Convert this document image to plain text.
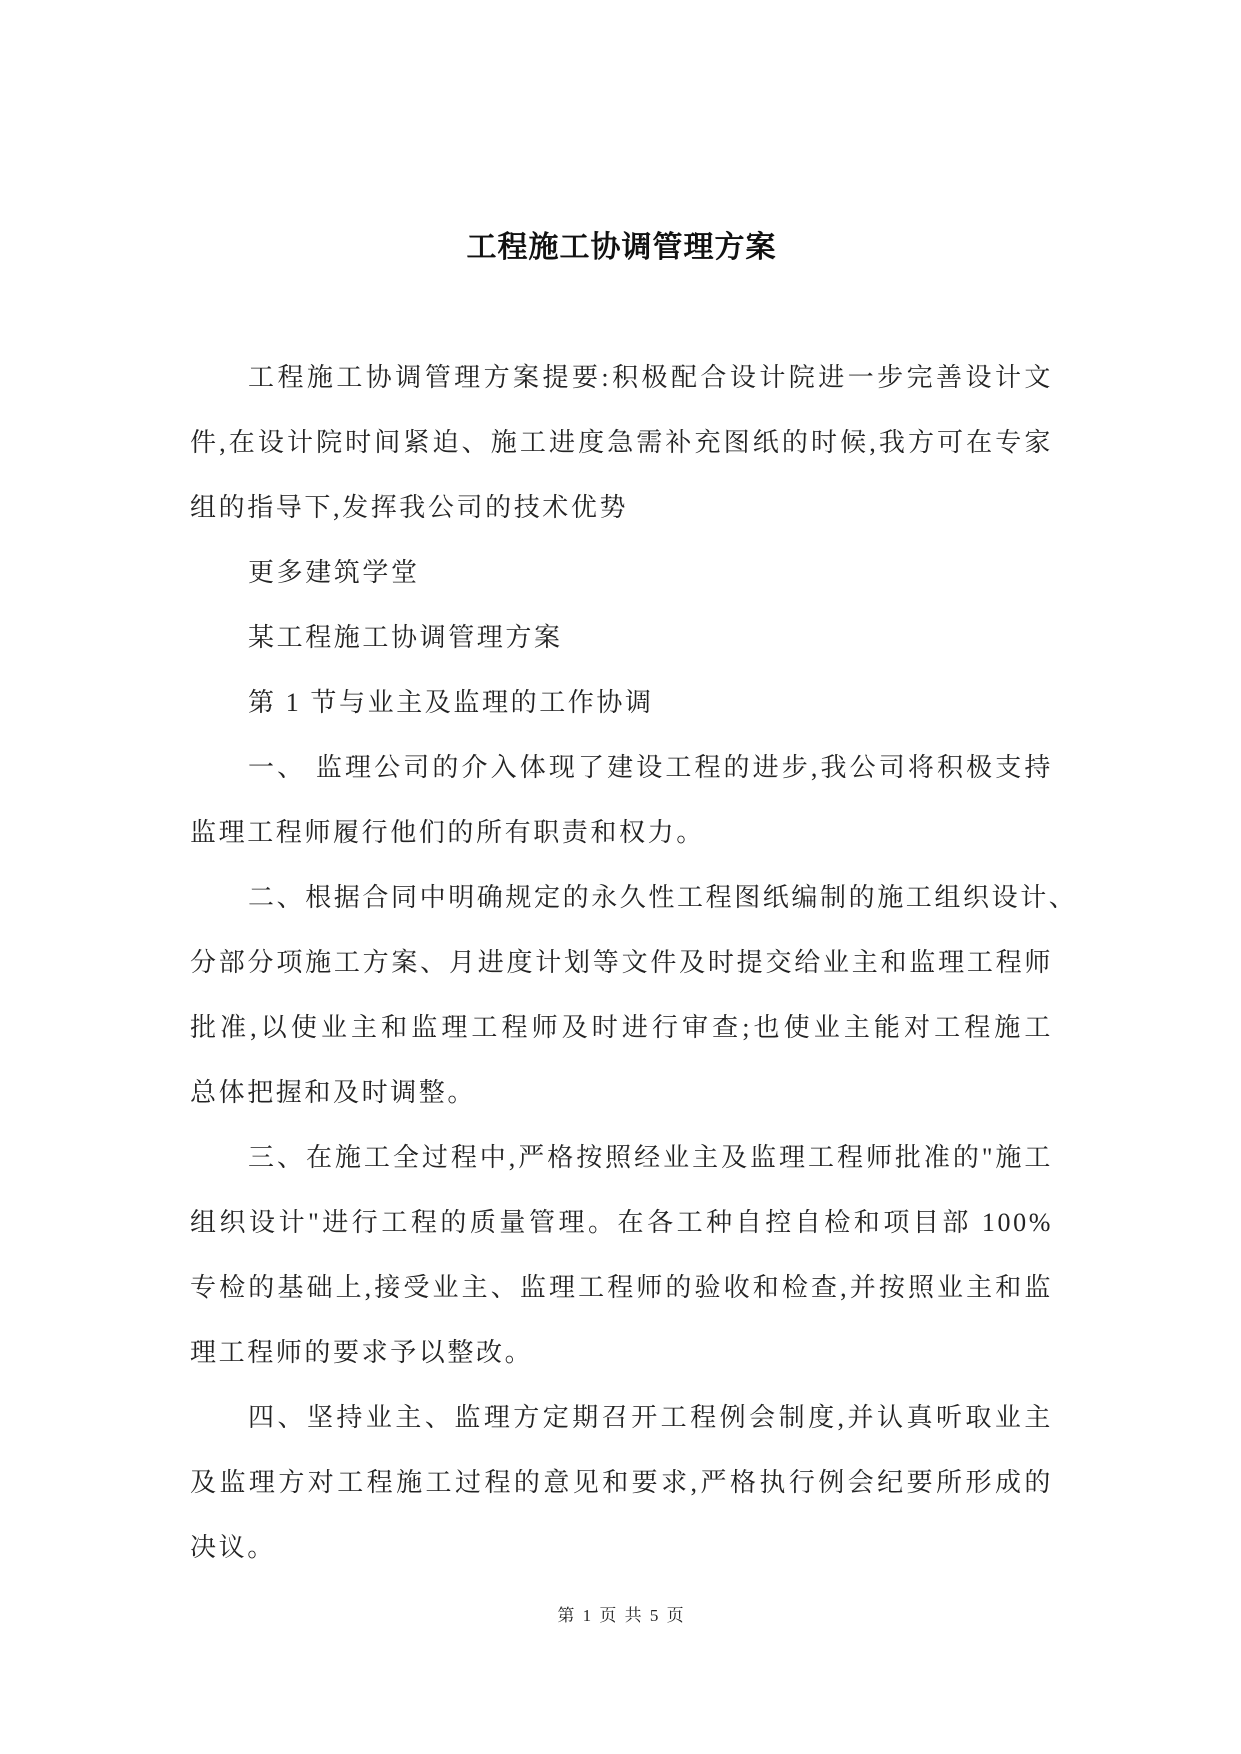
工程施工协调管理方案
工程施工协调管理方案提要:积极配合设计院进一步完善设计文
件,在设计院时间紧迫、施工进度急需补充图纸的时候,我方可在专家
组的指导下,发挥我公司的技术优势
更多建筑学堂
某工程施工协调管理方案
第 1 节与业主及监理的工作协调
一、 监理公司的介入体现了建设工程的进步,我公司将积极支持
监理工程师履行他们的所有职责和权力。
二、根据合同中明确规定的永久性工程图纸编制的施工组织设计、
分部分项施工方案、月进度计划等文件及时提交给业主和监理工程师
批准,以使业主和监理工程师及时进行审查;也使业主能对工程施工
总体把握和及时调整。
三、在施工全过程中,严格按照经业主及监理工程师批准的"施工
组织设计"进行工程的质量管理。在各工种自控自检和项目部 100%
专检的基础上,接受业主、监理工程师的验收和检查,并按照业主和监
理工程师的要求予以整改。
四、坚持业主、监理方定期召开工程例会制度,并认真听取业主
及监理方对工程施工过程的意见和要求,严格执行例会纪要所形成的
决议。
第 1 页 共 5 页
